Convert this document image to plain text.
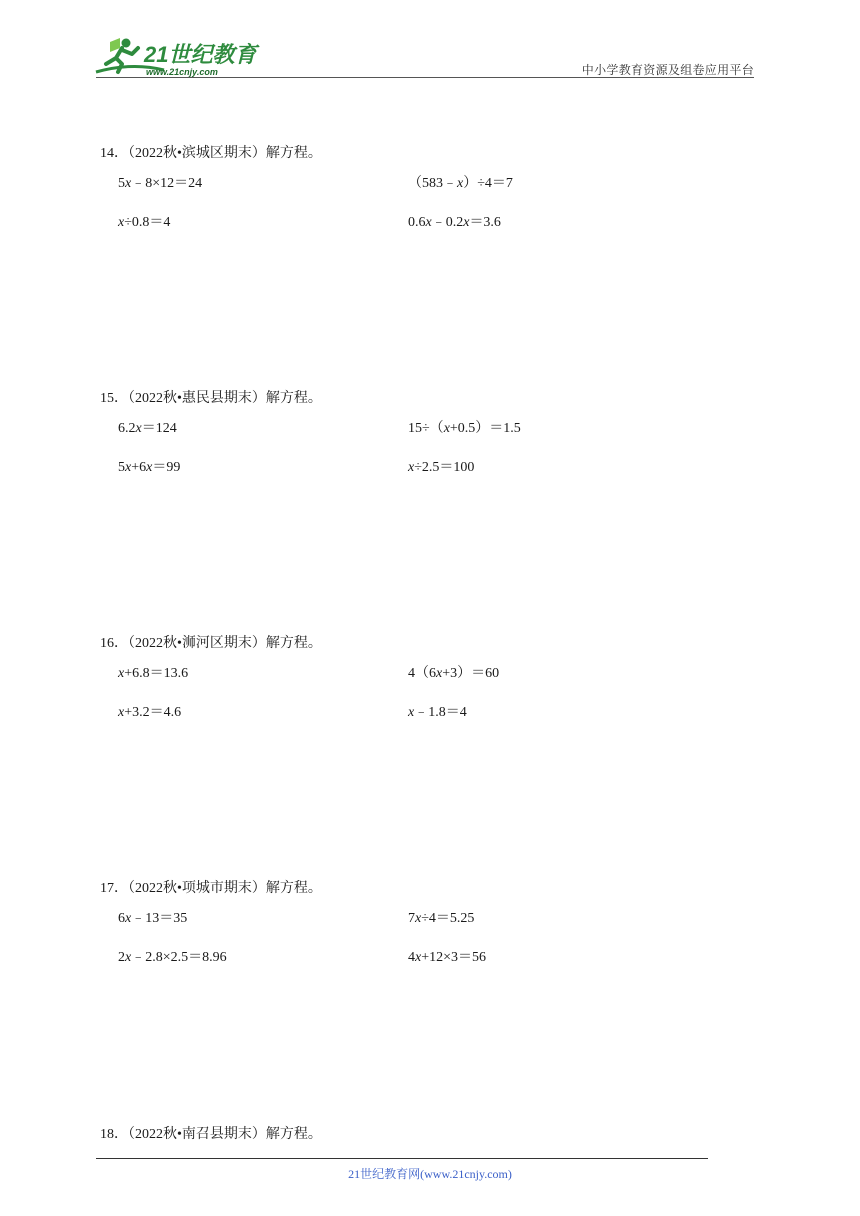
21世纪教育
www.21cnjy.com	中小学教育资源及组卷应用平台
14．（2022秋•滨城区期末）解方程。
5x﹣8×12＝24	（583﹣x）÷4＝7
x÷0.8＝4	0.6x﹣0.2x＝3.6
15．（2022秋•惠民县期末）解方程。
6.2x＝124	15÷（x+0.5）＝1.5
5x+6x＝99	x÷2.5＝100
16．（2022秋•浉河区期末）解方程。
x+6.8＝13.6	4（6x+3）＝60
x+3.2＝4.6	x﹣1.8＝4
17．（2022秋•项城市期末）解方程。
6x﹣13＝35	7x÷4＝5.25
2x﹣2.8×2.5＝8.96	4x+12×3＝56
18．（2022秋•南召县期末）解方程。
21世纪教育网(www.21cnjy.com)
